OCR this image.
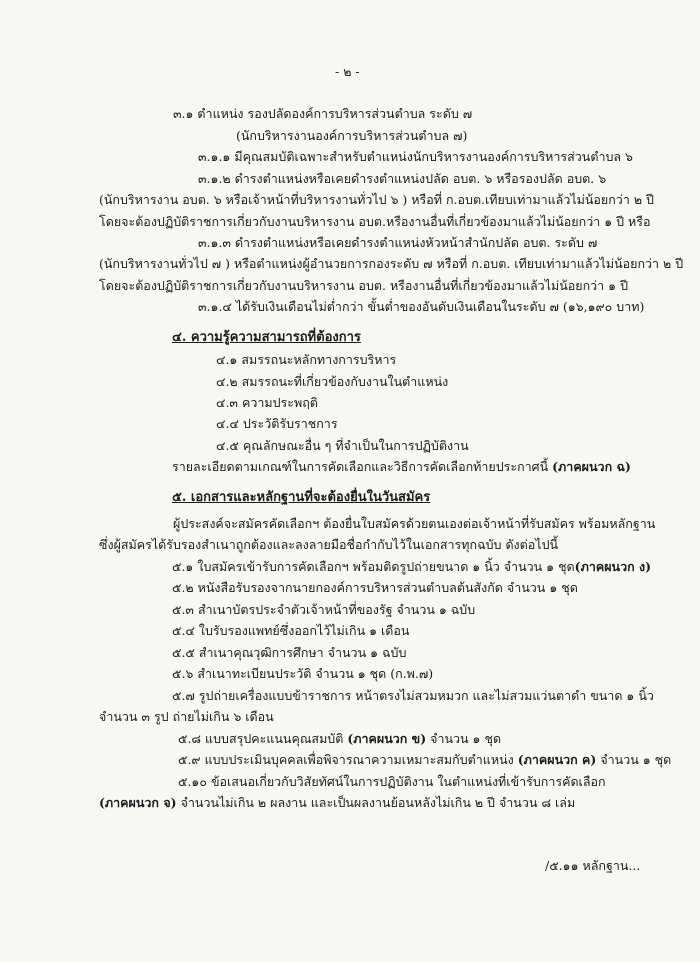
- ๒ -
๓.๑ ตำแหน่ง รองปลัดองค์การบริหารส่วนตำบล ระดับ ๗
(นักบริหารงานองค์การบริหารส่วนตำบล ๗)
๓.๑.๑ มีคุณสมบัติเฉพาะสำหรับตำแหน่งนักบริหารงานองค์การบริหารส่วนตำบล ๖
๓.๑.๒ ดำรงตำแหน่งหรือเคยดำรงตำแหน่งปลัด อบต. ๖ หรือรองปลัด อบต. ๖
(นักบริหารงาน อบต. ๖ หรือเจ้าหน้าที่บริหารงานทั่วไป ๖ ) หรือที่ ก.อบต.เทียบเท่ามาแล้วไม่น้อยกว่า ๒ ปี
โดยจะต้องปฏิบัติราชการเกี่ยวกับงานบริหารงาน อบต.หรืองานอื่นที่เกี่ยวข้องมาแล้วไม่น้อยกว่า ๑ ปี หรือ
๓.๑.๓ ดำรงตำแหน่งหรือเคยดำรงตำแหน่งหัวหน้าสำนักปลัด อบต. ระดับ ๗
(นักบริหารงานทั่วไป ๗ ) หรือตำแหน่งผู้อำนวยการกองระดับ ๗ หรือที่ ก.อบต. เทียบเท่ามาแล้วไม่น้อยกว่า ๒ ปี
โดยจะต้องปฏิบัติราชการเกี่ยวกับงานบริหารงาน อบต. หรืองานอื่นที่เกี่ยวข้องมาแล้วไม่น้อยกว่า ๑ ปี
๓.๑.๔ ได้รับเงินเดือนไม่ต่ำกว่า ขั้นต่ำของอันดับเงินเดือนในระดับ ๗ (๑๖,๑๙๐ บาท)
๔. ความรู้ความสามารถที่ต้องการ
๔.๑ สมรรถนะหลักทางการบริหาร
๔.๒ สมรรถนะที่เกี่ยวข้องกับงานในตำแหน่ง
๔.๓ ความประพฤติ
๔.๔ ประวัติรับราชการ
๔.๕ คุณลักษณะอื่น ๆ ที่จำเป็นในการปฏิบัติงาน
รายละเอียดตามเกณฑ์ในการคัดเลือกและวิธีการคัดเลือกท้ายประกาศนี้ (ภาคผนวก ฉ)
๕. เอกสารและหลักฐานที่จะต้องยื่นในวันสมัคร
ผู้ประสงค์จะสมัครคัดเลือกฯ ต้องยื่นใบสมัครด้วยตนเองต่อเจ้าหน้าที่รับสมัคร พร้อมหลักฐาน
ซึ่งผู้สมัครได้รับรองสำเนาถูกต้องและลงลายมือชื่อกำกับไว้ในเอกสารทุกฉบับ ดังต่อไปนี้
๕.๑ ใบสมัครเข้ารับการคัดเลือกฯ พร้อมติดรูปถ่ายขนาด ๑ นิ้ว จำนวน ๑ ชุด(ภาคผนวก ง)
๕.๒ หนังสือรับรองจากนายกองค์การบริหารส่วนตำบลต้นสังกัด จำนวน ๑ ชุด
๕.๓ สำเนาบัตรประจำตัวเจ้าหน้าที่ของรัฐ จำนวน ๑ ฉบับ
๕.๔ ใบรับรองแพทย์ซึ่งออกไว้ไม่เกิน ๑ เดือน
๕.๕ สำเนาคุณวุฒิการศึกษา จำนวน ๑ ฉบับ
๕.๖ สำเนาทะเบียนประวัติ จำนวน ๑ ชุด (ก.พ.๗)
๕.๗ รูปถ่ายเครื่องแบบข้าราชการ หน้าตรงไม่สวมหมวก และไม่สวมแว่นตาดำ ขนาด ๑ นิ้ว
จำนวน ๓ รูป ถ่ายไม่เกิน ๖ เดือน
๕.๘ แบบสรุปคะแนนคุณสมบัติ (ภาคผนวก ข) จำนวน ๑ ชุด
๕.๙ แบบประเมินบุคคลเพื่อพิจารณาความเหมาะสมกับตำแหน่ง (ภาคผนวก ค) จำนวน ๑ ชุด
๕.๑๐ ข้อเสนอเกี่ยวกับวิสัยทัศน์ในการปฏิบัติงาน ในตำแหน่งที่เข้ารับการคัดเลือก
(ภาคผนวก จ) จำนวนไม่เกิน ๒ ผลงาน และเป็นผลงานย้อนหลังไม่เกิน ๒ ปี จำนวน ๘ เล่ม
/๕.๑๑ หลักฐาน...
